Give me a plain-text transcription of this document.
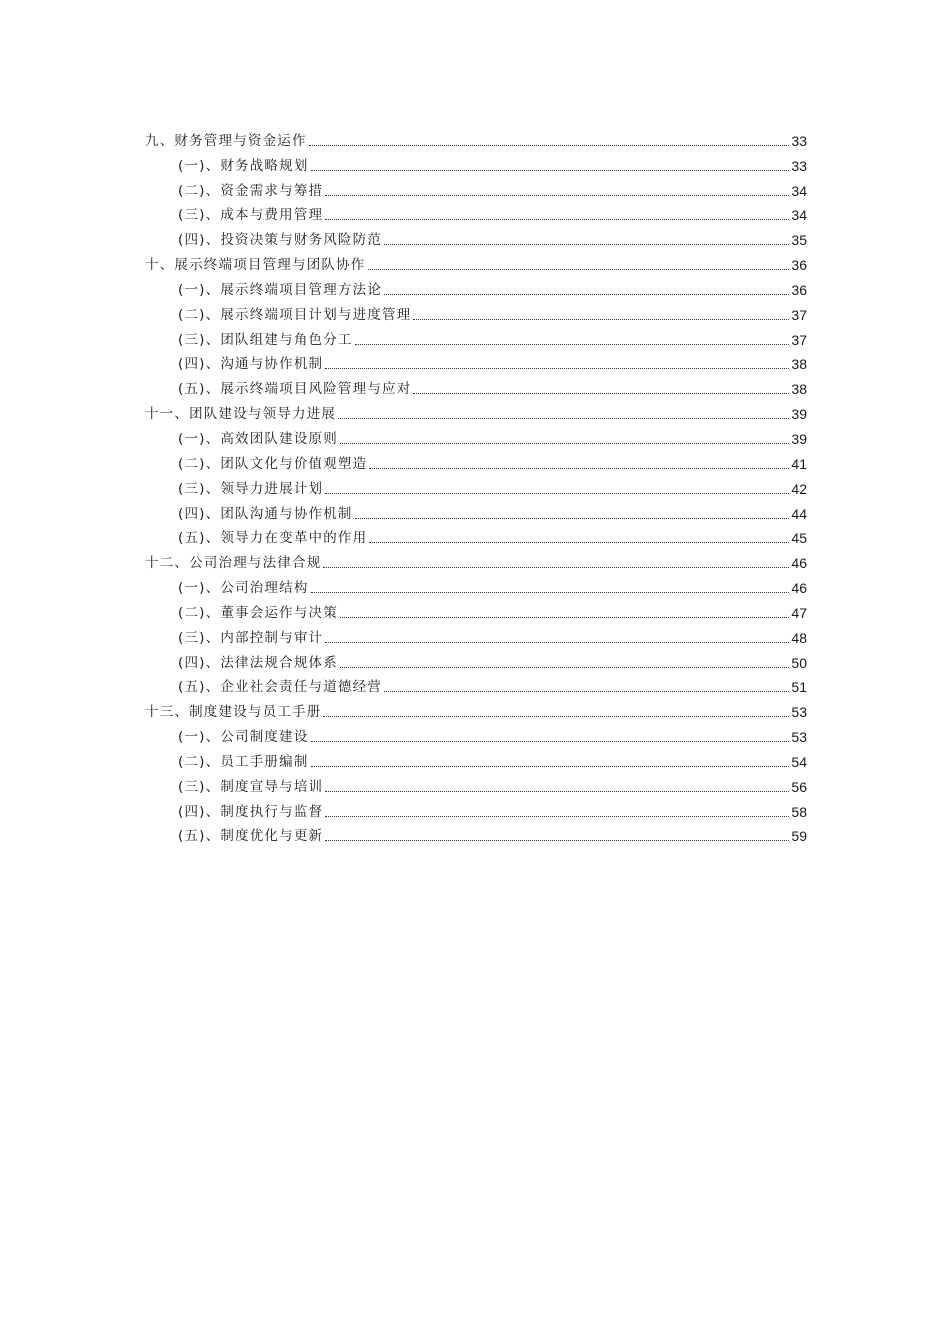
九、财务管理与资金运作	33
(一)、财务战略规划	33
(二)、资金需求与筹措	34
(三)、成本与费用管理	34
(四)、投资决策与财务风险防范	35
十、展示终端项目管理与团队协作	36
(一)、展示终端项目管理方法论	36
(二)、展示终端项目计划与进度管理	37
(三)、团队组建与角色分工	37
(四)、沟通与协作机制	38
(五)、展示终端项目风险管理与应对	38
十一、团队建设与领导力进展	39
(一)、高效团队建设原则	39
(二)、团队文化与价值观塑造	41
(三)、领导力进展计划	42
(四)、团队沟通与协作机制	44
(五)、领导力在变革中的作用	45
十二、公司治理与法律合规	46
(一)、公司治理结构	46
(二)、董事会运作与决策	47
(三)、内部控制与审计	48
(四)、法律法规合规体系	50
(五)、企业社会责任与道德经营	51
十三、制度建设与员工手册	53
(一)、公司制度建设	53
(二)、员工手册编制	54
(三)、制度宣导与培训	56
(四)、制度执行与监督	58
(五)、制度优化与更新	59
